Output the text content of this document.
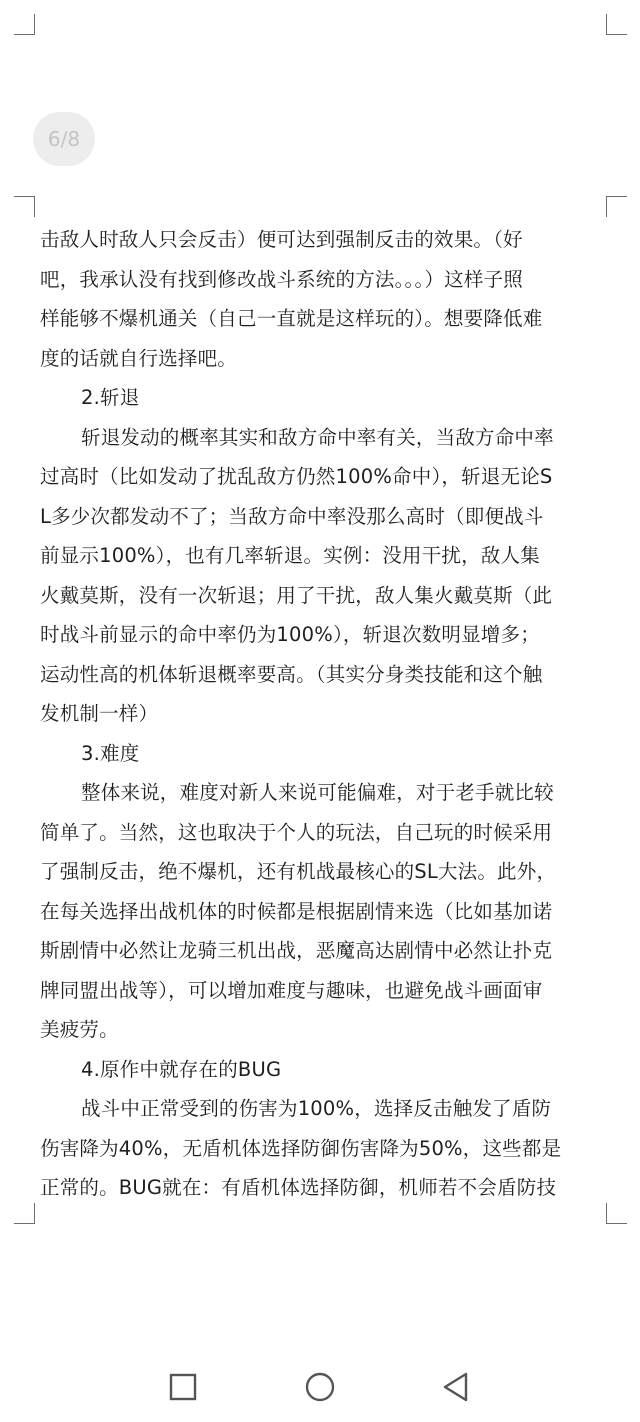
6/8

击敌人时敌人只会反击）便可达到强制反击的效果。（好

吧，我承认没有找到修改战斗系统的方法。。。）这样子照

样能够不爆机通关（自己一直就是这样玩的）。想要降低难

度的话就自行选择吧。

2.斩退

斩退发动的概率其实和敌方命中率有关，当敌方命中率

过高时（比如发动了扰乱敌方仍然100%命中），斩退无论S

L多少次都发动不了；当敌方命中率没那么高时（即便战斗

前显示100%），也有几率斩退。实例：没用干扰，敌人集

火戴莫斯，没有一次斩退；用了干扰，敌人集火戴莫斯（此

时战斗前显示的命中率仍为100%），斩退次数明显增多；

运动性高的机体斩退概率要高。（其实分身类技能和这个触

发机制一样）

3.难度

整体来说，难度对新人来说可能偏难，对于老手就比较

简单了。当然，这也取决于个人的玩法，自己玩的时候采用

了强制反击，绝不爆机，还有机战最核心的SL大法。此外，

在每关选择出战机体的时候都是根据剧情来选（比如基加诺

斯剧情中必然让龙骑三机出战，恶魔高达剧情中必然让扑克

牌同盟出战等），可以增加难度与趣味，也避免战斗画面审

美疲劳。

4.原作中就存在的BUG

战斗中正常受到的伤害为100%，选择反击触发了盾防

伤害降为40%，无盾机体选择防御伤害降为50%，这些都是

正常的。BUG就在：有盾机体选择防御，机师若不会盾防技
